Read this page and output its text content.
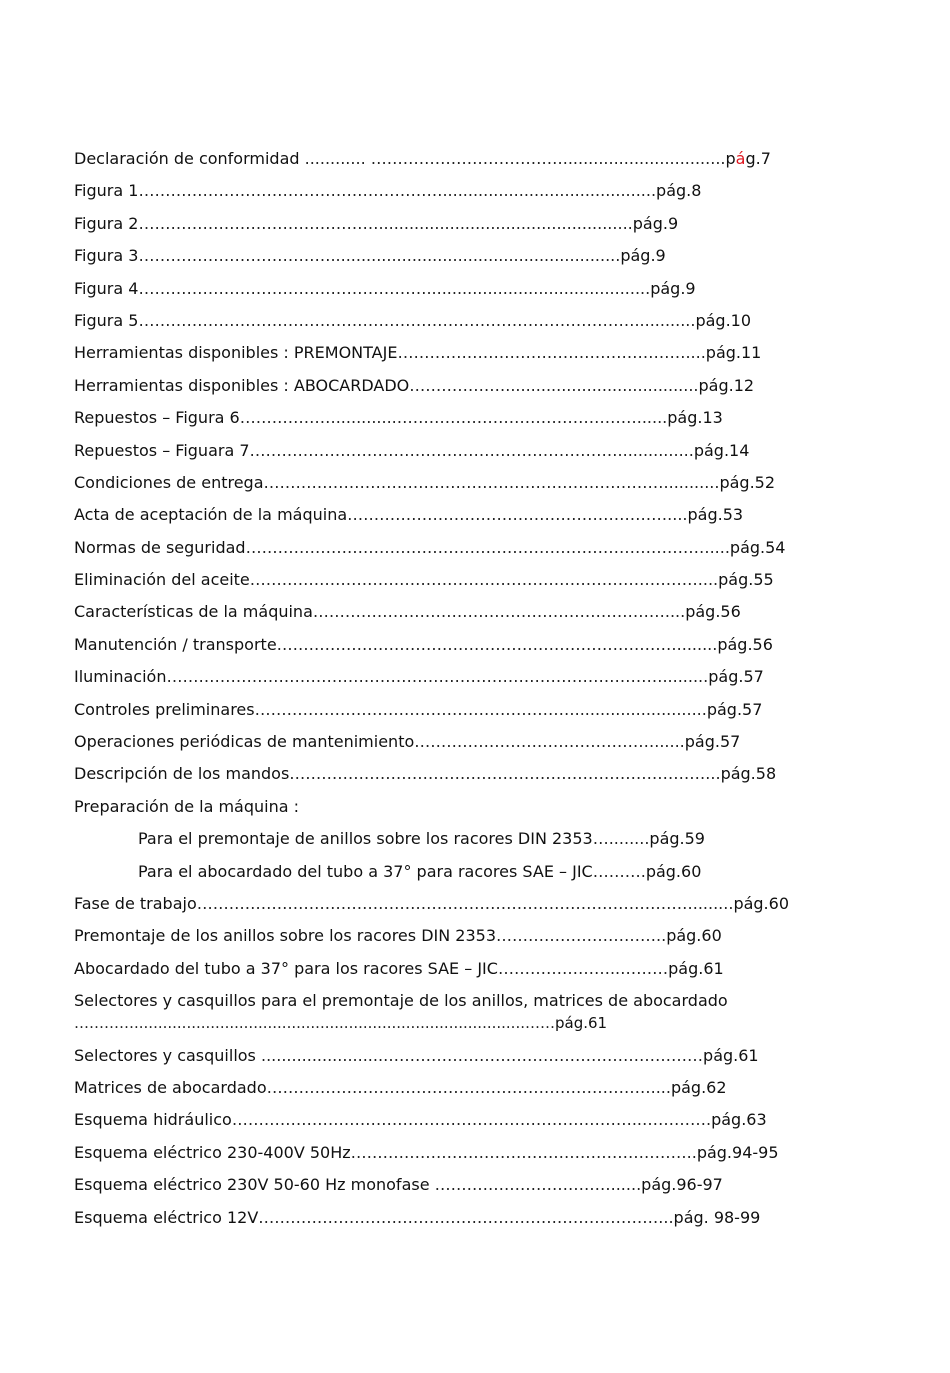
Declaración de conformidad ............ ………………………………................................pág.7
Figura 1…………………………………………………..........................................pág.8
Figura 2………………………………………..................................................pág.9
Figura 3……………………………….........................................................pág.9
Figura 4………………………………………………............................................pág.9
Figura 5…………………………………………………………………………………............pág.10
Herramientas disponibles : PREMONTAJE………………………………………………....pág.11
Herramientas disponibles : ABOCARDADO………………......................................pág.12
Repuestos – Figura 6………………............………………………………………......pág.13
Repuestos – Figuara 7……………………………………………………………...............pág.14
Condiciones de entrega…………………………………………………………………...........pág.52
Acta de aceptación de la máquina……………………………………………………....pág.53
Normas de seguridad……………………………………………………………………………....pág.54
Eliminación del aceite…………………………………………………………………………....pág.55
Características de la máquina…………………………………………………………....pág.56
Manutención / transporte…………………………………………………………………........pág.56
Iluminación………………………………………………………………………………….........pág.57
Controles preliminares……………………………………………………..........................pág.57
Operaciones periódicas de mantenimiento………………………………………......pág.57
Descripción de los mandos……………………………………………………………………...pág.58
Preparación de la máquina :
Para el premontaje de anillos sobre los racores DIN 2353…........pág.59
Para el abocardado del tubo a 37° para racores SAE – JIC……….pág.60
Fase de trabajo…………………………………………………………………………………........pág.60
Premontaje de los anillos sobre los racores DIN 2353…………………………..pág.60
Abocardado del tubo a 37° para los racores SAE – JIC…………………..………pág.61
Selectores y casquillos para el premontaje de los anillos, matrices de abocardado
…………..................................................................................……pág.61
Selectores y casquillos ........................……………………………………………………pág.61
Matrices de abocardado………………………………………………………………....pág.62
Esquema hidráulico…………………………………………………………………..………….pág.63
Esquema eléctrico 230-400V 50Hz………………………………………………………..pág.94-95
Esquema eléctrico 230V 50-60 Hz monofase ……………………………......pág.96-97
Esquema eléctrico 12V…………………………………………………………………...pág. 98-99
